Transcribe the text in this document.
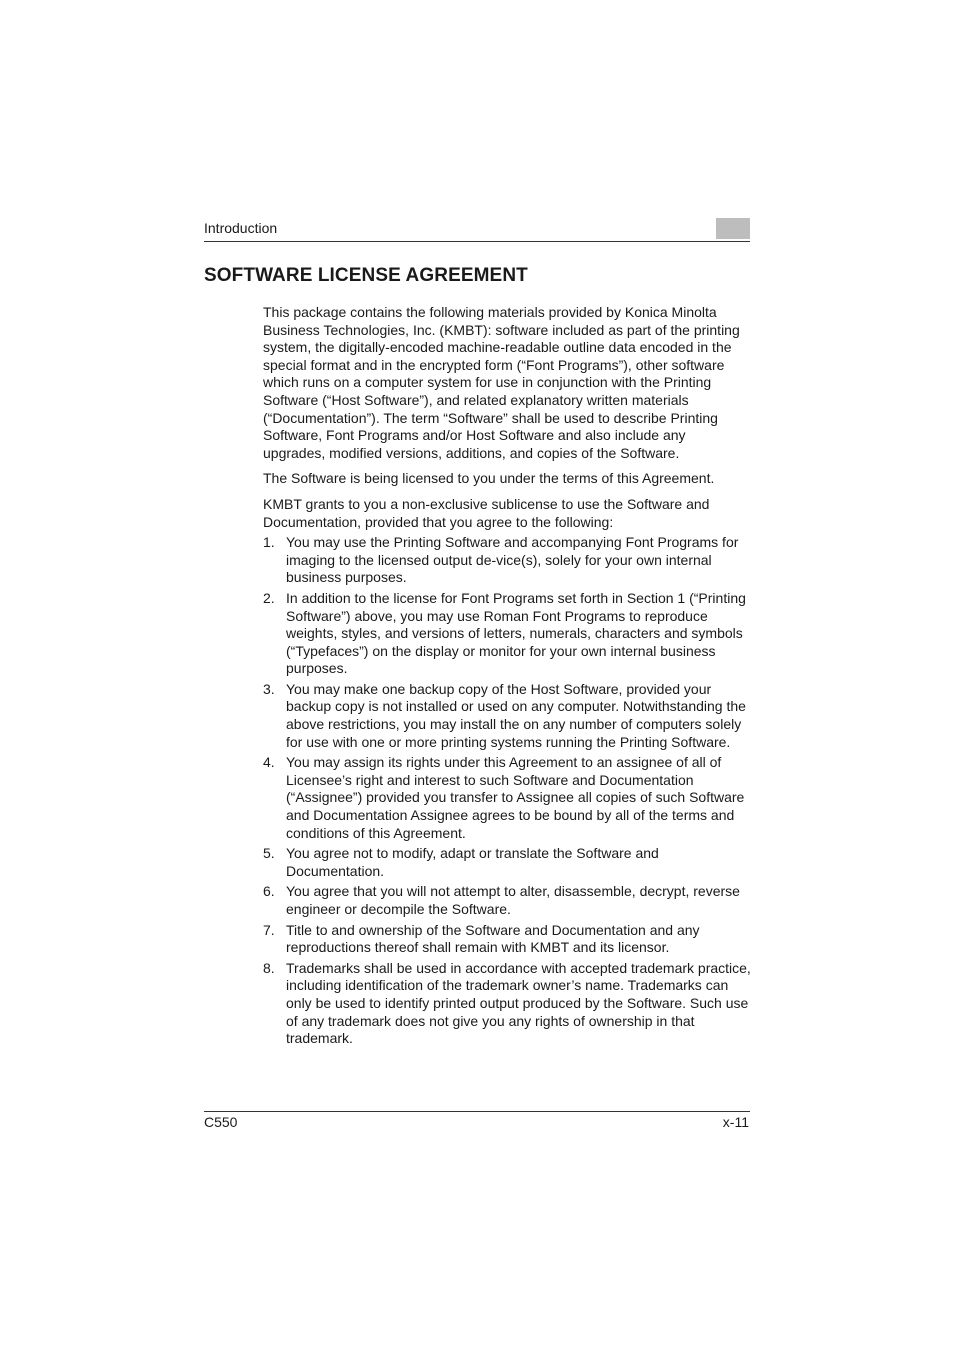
Introduction
SOFTWARE LICENSE AGREEMENT

This package contains the following materials provided by Konica Minolta Business Technologies, Inc. (KMBT): software included as part of the printing system, the digitally-encoded machine-readable outline data encoded in the special format and in the encrypted form (“Font Programs”), other software which runs on a computer system for use in conjunction with the Printing Software (“Host Software”), and related explanatory written materials (“Documentation”). The term “Software” shall be used to describe Printing Software, Font Programs and/or Host Software and also include any upgrades, modified versions, additions, and copies of the Software.

The Software is being licensed to you under the terms of this Agreement.

KMBT grants to you a non-exclusive sublicense to use the Software and Documentation, provided that you agree to the following:

1. You may use the Printing Software and accompanying Font Programs for imaging to the licensed output de-vice(s), solely for your own internal business purposes.
2. In addition to the license for Font Programs set forth in Section 1 (“Printing Software”) above, you may use Roman Font Programs to reproduce weights, styles, and versions of letters, numerals, characters and symbols (“Typefaces”) on the display or monitor for your own internal business purposes.
3. You may make one backup copy of the Host Software, provided your backup copy is not installed or used on any computer. Notwithstanding the above restrictions, you may install the on any number of computers solely for use with one or more printing systems running the Printing Software.
4. You may assign its rights under this Agreement to an assignee of all of Licensee’s right and interest to such Software and Documentation (“Assignee”) provided you transfer to Assignee all copies of such Software and Documentation Assignee agrees to be bound by all of the terms and conditions of this Agreement.
5. You agree not to modify, adapt or translate the Software and Documentation.
6. You agree that you will not attempt to alter, disassemble, decrypt, reverse engineer or decompile the Software.
7. Title to and ownership of the Software and Documentation and any reproductions thereof shall remain with KMBT and its licensor.
8. Trademarks shall be used in accordance with accepted trademark practice, including identification of the trademark owner’s name. Trademarks can only be used to identify printed output produced by the Software. Such use of any trademark does not give you any rights of ownership in that trademark.
C550	x-11
